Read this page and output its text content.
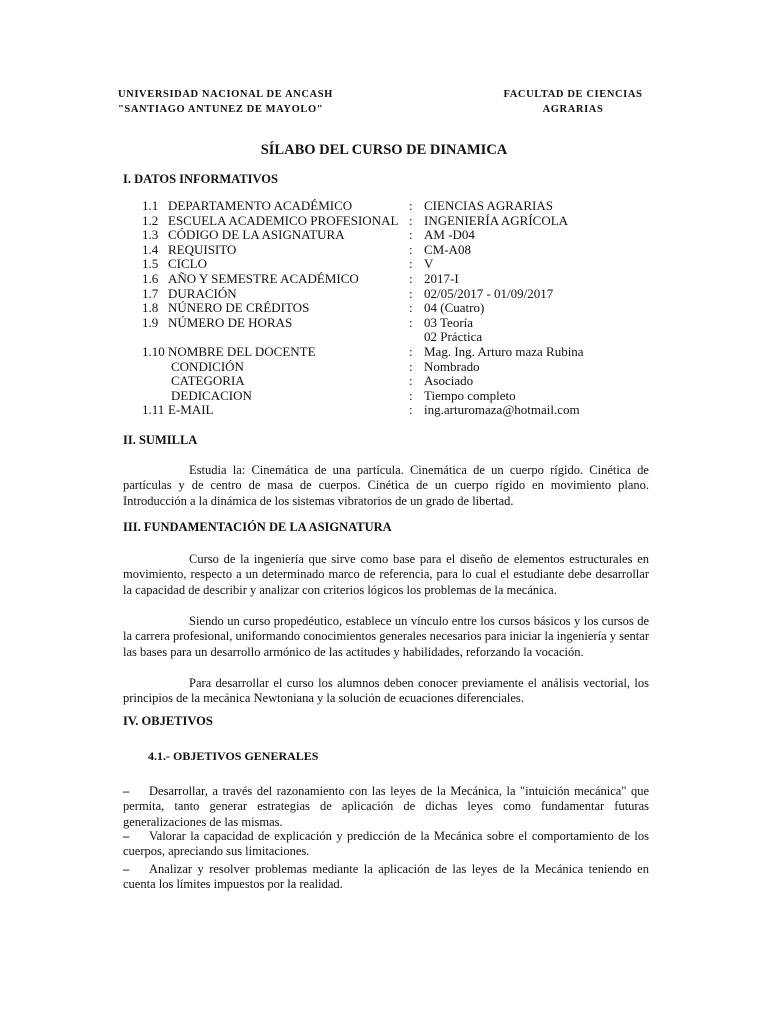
UNIVERSIDAD NACIONAL DE ANCASH
"SANTIAGO ANTUNEZ DE MAYOLO"
FACULTAD DE CIENCIAS
AGRARIAS
SÍLABO DEL CURSO DE DINAMICA
I. DATOS INFORMATIVOS
1.1 DEPARTAMENTO ACADÉMICO	: CIENCIAS AGRARIAS
1.2 ESCUELA ACADEMICO PROFESIONAL : INGENIERÍA AGRÍCOLA
1.3 CÓDIGO DE LA ASIGNATURA	: AM -D04
1.4 REQUISITO	: CM-A08
1.5 CICLO	: V
1.6 AÑO Y SEMESTRE ACADÉMICO	: 2017-I
1.7 DURACIÓN	: 02/05/2017 - 01/09/2017
1.8 NÚNERO DE CRÉDITOS	: 04 (Cuatro)
1.9 NÚMERO DE HORAS	: 03 Teoría
02 Práctica
1.10 NOMBRE DEL DOCENTE	: Mag. Ing. Arturo maza Rubina
CONDICIÓN	: Nombrado
CATEGORIA	: Asociado
DEDICACION	: Tiempo completo
1.11 E-MAIL	: ing.arturomaza@hotmail.com
II. SUMILLA
Estudia la: Cinemática de una partícula. Cinemática de un cuerpo rígido. Cinética de partículas y de centro de masa de cuerpos. Cinética de un cuerpo rígido en movimiento plano. Introducción a la dinámica de los sistemas vibratorios de un grado de libertad.
III. FUNDAMENTACIÓN DE LA ASIGNATURA
Curso de la ingeniería que sirve como base para el diseño de elementos estructurales en movimiento, respecto a un determinado marco de referencia, para lo cual el estudiante debe desarrollar la capacidad de describir y analizar con criterios lógicos los problemas de la mecánica.
Siendo un curso propedéutico, establece un vínculo entre los cursos básicos y los cursos de la carrera profesional, uniformando conocimientos generales necesarios para iniciar la ingeniería y sentar las bases para un desarrollo armónico de las actitudes y habilidades, reforzando la vocación.
Para desarrollar el curso los alumnos deben conocer previamente el análisis vectorial, los principios de la mecánica Newtoniana y la solución de ecuaciones diferenciales.
IV. OBJETIVOS
4.1.- OBJETIVOS GENERALES
– Desarrollar, a través del razonamiento con las leyes de la Mecánica, la "intuición mecánica" que permita, tanto generar estrategias de aplicación de dichas leyes como fundamentar futuras generalizaciones de las mismas.
– Valorar la capacidad de explicación y predicción de la Mecánica sobre el comportamiento de los cuerpos, apreciando sus limitaciones.
– Analizar y resolver problemas mediante la aplicación de las leyes de la Mecánica teniendo en cuenta los límites impuestos por la realidad.
